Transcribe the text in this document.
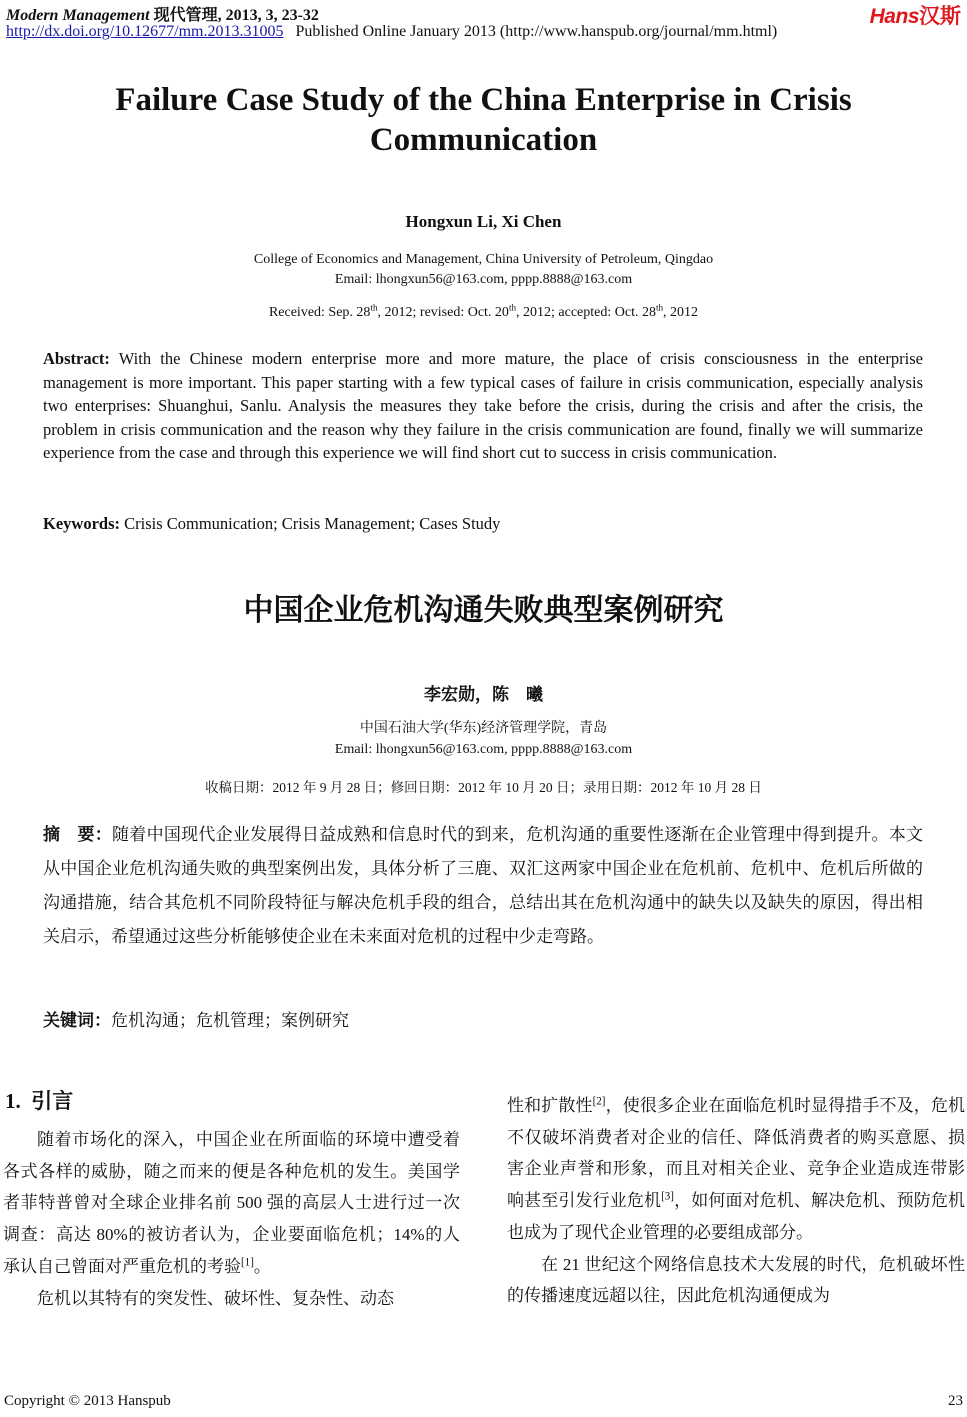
Modern Management 现代管理, 2013, 3, 23-32
http://dx.doi.org/10.12677/mm.2013.31005 Published Online January 2013 (http://www.hanspub.org/journal/mm.html)
Hans汉斯
Failure Case Study of the China Enterprise in Crisis Communication
Hongxun Li, Xi Chen
College of Economics and Management, China University of Petroleum, Qingdao
Email: lhongxun56@163.com, pppp.8888@163.com
Received: Sep. 28th, 2012; revised: Oct. 20th, 2012; accepted: Oct. 28th, 2012

Abstract: With the Chinese modern enterprise more and more mature, the place of crisis consciousness in the enterprise management is more important. This paper starting with a few typical cases of failure in crisis communication, especially analysis two enterprises: Shuanghui, Sanlu. Analysis the measures they take before the crisis, during the crisis and after the crisis, the problem in crisis communication and the reason why they failure in the crisis communication are found, finally we will summarize experience from the case and through this experience we will find short cut to success in crisis communication.

Keywords: Crisis Communication; Crisis Management; Cases Study

中国企业危机沟通失败典型案例研究
李宏勋，陈　曦
中国石油大学(华东)经济管理学院，青岛
Email: lhongxun56@163.com, pppp.8888@163.com
收稿日期：2012 年 9 月 28 日；修回日期：2012 年 10 月 20 日；录用日期：2012 年 10 月 28 日

摘　要：随着中国现代企业发展得日益成熟和信息时代的到来，危机沟通的重要性逐渐在企业管理中得到提升。本文从中国企业危机沟通失败的典型案例出发，具体分析了三鹿、双汇这两家中国企业在危机前、危机中、危机后所做的沟通措施，结合其危机不同阶段特征与解决危机手段的组合，总结出其在危机沟通中的缺失以及缺失的原因，得出相关启示，希望通过这些分析能够使企业在未来面对危机的过程中少走弯路。

关键词：危机沟通；危机管理；案例研究

1. 引言

随着市场化的深入，中国企业在所面临的环境中遭受着各式各样的威胁，随之而来的便是各种危机的发生。美国学者菲特普曾对全球企业排名前 500 强的高层人士进行过一次调查：高达 80%的被访者认为，企业要面临危机；14%的人承认自己曾面对严重危机的考验[1]。

危机以其特有的突发性、破坏性、复杂性、动态

性和扩散性[2]，使很多企业在面临危机时显得措手不及，危机不仅破坏消费者对企业的信任、降低消费者的购买意愿、损害企业声誉和形象，而且对相关企业、竞争企业造成连带影响甚至引发行业危机[3]，如何面对危机、解决危机、预防危机也成为了现代企业管理的必要组成部分。

在 21 世纪这个网络信息技术大发展的时代，危机破坏性的传播速度远超以往，因此危机沟通便成为

Copyright © 2013 Hanspub	23
